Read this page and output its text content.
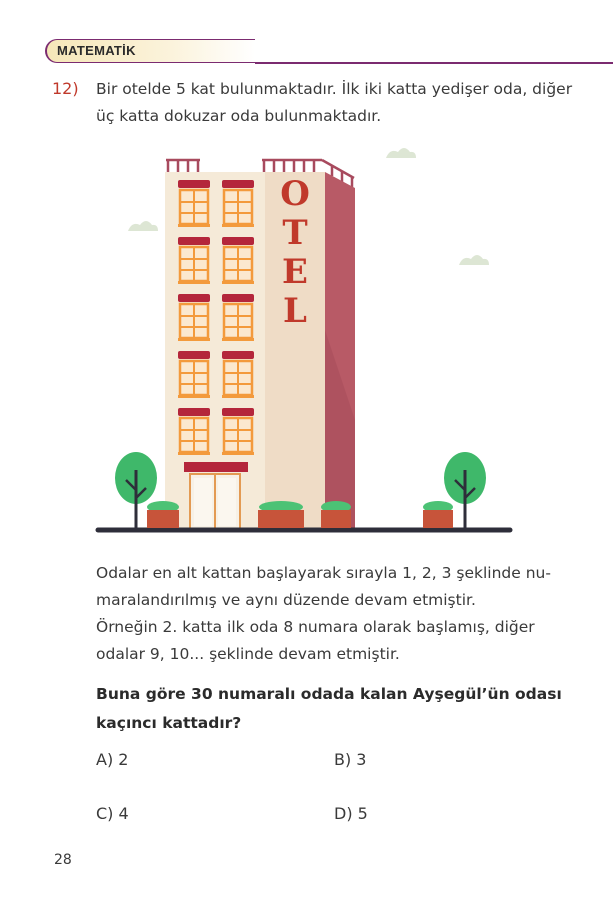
MATEMATİK
12) Bir otelde 5 kat bulunmaktadır. İlk iki katta yedişer oda, diğer
üç katta dokuzar oda bulunmaktadır.
O
T
E
L
Odalar en alt kattan başlayarak sırayla 1, 2, 3 şeklinde nu-
maralandırılmış ve aynı düzende devam etmiştir.
Örneğin 2. katta ilk oda 8 numara olarak başlamış, diğer
odalar 9, 10... şeklinde devam etmiştir.
Buna göre 30 numaralı odada kalan Ayşegül’ün odası
kaçıncı kattadır?
A) 2	B) 3
C) 4	D) 5
28
